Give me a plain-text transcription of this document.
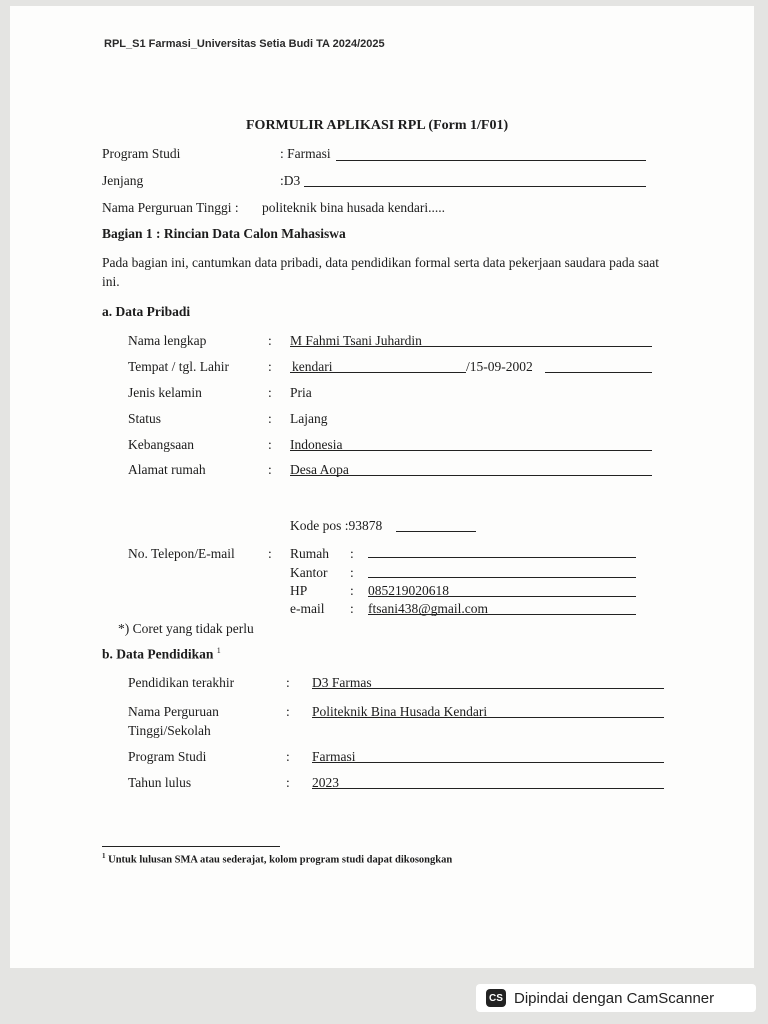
RPL_S1 Farmasi_Universitas Setia Budi TA 2024/2025
FORMULIR APLIKASI RPL (Form 1/F01)
Program Studi	: Farmasi
Jenjang	:D3
Nama Perguruan Tinggi : politeknik bina husada kendari.....
Bagian 1 : Rincian Data Calon Mahasiswa
Pada bagian ini, cantumkan data pribadi, data pendidikan formal serta data pekerjaan saudara pada saat ini.
a. Data Pribadi
Nama lengkap	: M Fahmi Tsani Juhardin
Tempat / tgl. Lahir	: kendari	/15-09-2002
Jenis kelamin	: Pria
Status	: Lajang
Kebangsaan	: Indonesia
Alamat rumah	: Desa Aopa
Kode pos :93878
No. Telepon/E-mail : Rumah :
Kantor :
HP	: 085219020618
e-mail : ftsani438@gmail.com
*) Coret yang tidak perlu
b. Data Pendidikan $^1$
Pendidikan terakhir	: D3 Farmas
Nama Perguruan
Tinggi/Sekolah
: Politeknik Bina Husada Kendari
Program Studi	: Farmasi
Tahun lulus	: 2023
$^1$ Untuk lulusan SMA atau sederajat, kolom program studi dapat dikosongkan
CS Dipindai dengan CamScanner
